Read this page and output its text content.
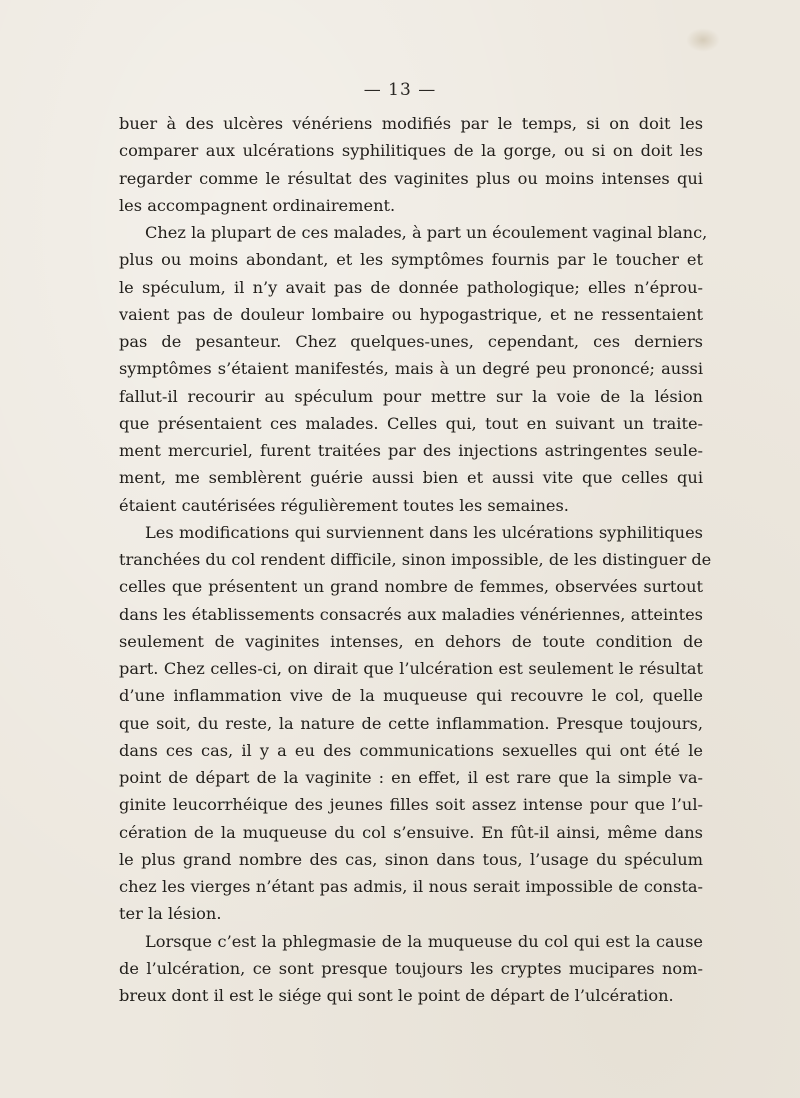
— 13 —
buer à des ulcères vénériens modifiés par le temps, si on doit les
comparer aux ulcérations syphilitiques de la gorge, ou si on doit les
regarder comme le résultat des vaginites plus ou moins intenses qui
les accompagnent ordinairement.
Chez la plupart de ces malades, à part un écoulement vaginal blanc,
plus ou moins abondant, et les symptômes fournis par le toucher et
le spéculum, il n’y avait pas de donnée pathologique; elles n’éprou-
vaient pas de douleur lombaire ou hypogastrique, et ne ressentaient
pas de pesanteur. Chez quelques-unes, cependant, ces derniers
symptômes s’étaient manifestés, mais à un degré peu prononcé; aussi
fallut-il recourir au spéculum pour mettre sur la voie de la lésion
que présentaient ces malades. Celles qui, tout en suivant un traite-
ment mercuriel, furent traitées par des injections astringentes seule-
ment, me semblèrent guérie aussi bien et aussi vite que celles qui
étaient cautérisées régulièrement toutes les semaines.
Les modifications qui surviennent dans les ulcérations syphilitiques
tranchées du col rendent difficile, sinon impossible, de les distinguer de
celles que présentent un grand nombre de femmes, observées surtout
dans les établissements consacrés aux maladies vénériennes, atteintes
seulement de vaginites intenses, en dehors de toute condition de
part. Chez celles-ci, on dirait que l’ulcération est seulement le résultat
d’une inflammation vive de la muqueuse qui recouvre le col, quelle
que soit, du reste, la nature de cette inflammation. Presque toujours,
dans ces cas, il y a eu des communications sexuelles qui ont été le
point de départ de la vaginite : en effet, il est rare que la simple va-
ginite leucorrhéique des jeunes filles soit assez intense pour que l’ul-
cération de la muqueuse du col s’ensuive. En fût-il ainsi, même dans
le plus grand nombre des cas, sinon dans tous, l’usage du spéculum
chez les vierges n’étant pas admis, il nous serait impossible de consta-
ter la lésion.
Lorsque c’est la phlegmasie de la muqueuse du col qui est la cause
de l’ulcération, ce sont presque toujours les cryptes mucipares nom-
breux dont il est le siége qui sont le point de départ de l’ulcération.
